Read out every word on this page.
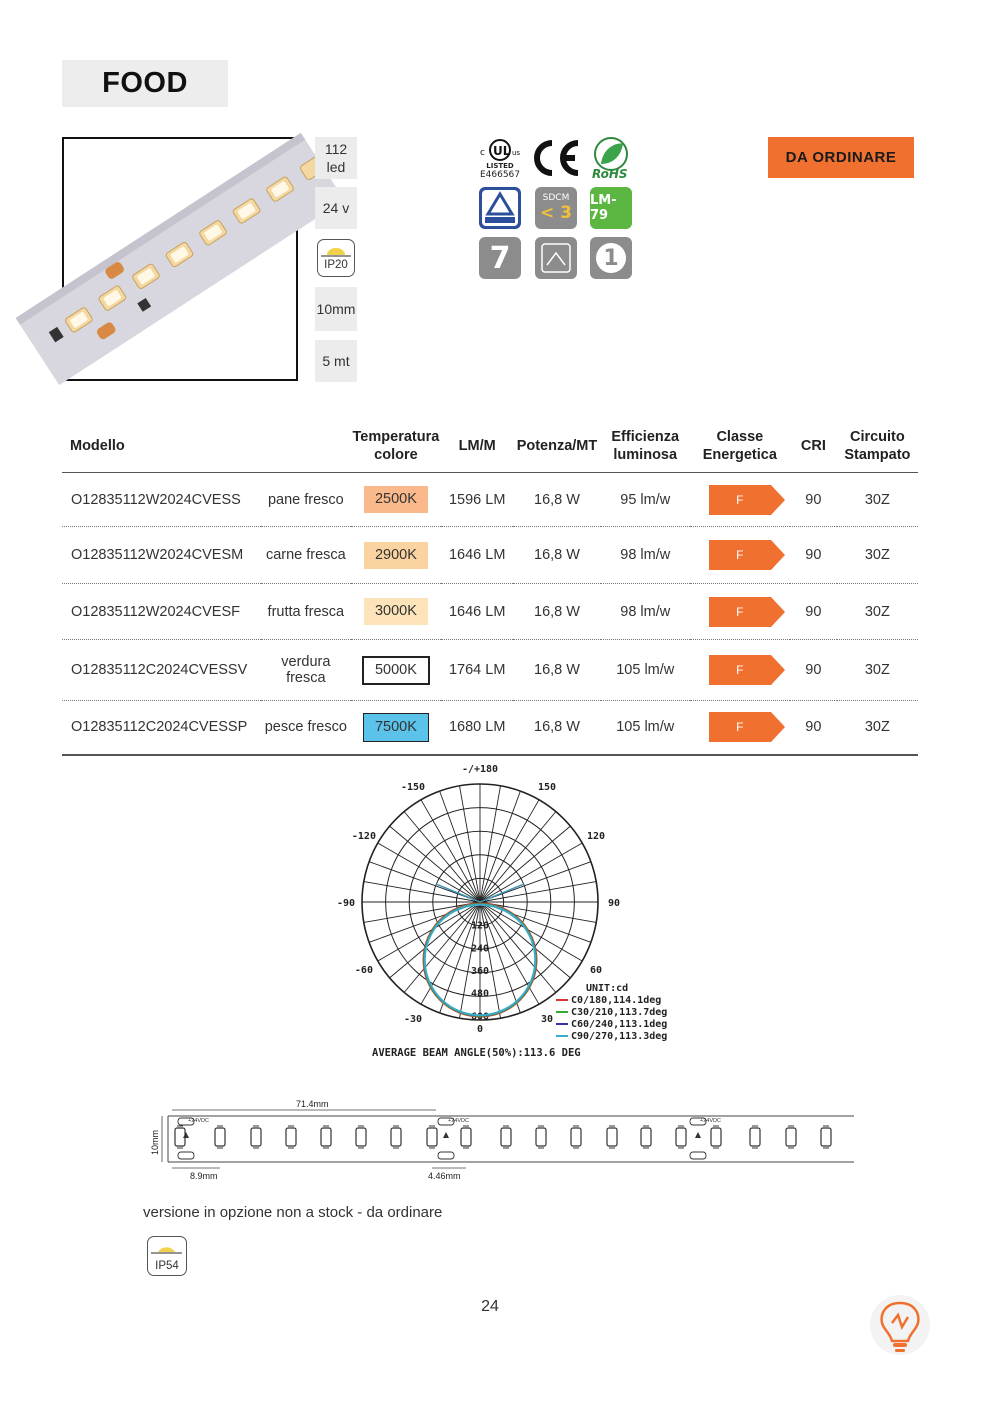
FOOD
112
led
24 v
IP20
10mm
5 mt
c UL us
LISTED
E466567	RoHS
SDCM
< 3
LM-79
7	1
DA ORDINARE
Modello		Temperatura
colore	LM/M	Potenza/MT	Efficienza
luminosa	Classe
Energetica	CRI	Circuito
Stampato
O12835112W2024CVESS	pane fresco	2500K	1596 LM	16,8 W	95 lm/w	F	90	30Z
O12835112W2024CVESM	carne fresca	2900K	1646 LM	16,8 W	98 lm/w	F	90	30Z
O12835112W2024CVESF	frutta fresca	3000K	1646 LM	16,8 W	98 lm/w	F	90	30Z
O12835112C2024CVESSV	verdura fresca	5000K	1764 LM	16,8 W	105 lm/w	F	90	30Z
O12835112C2024CVESSP	pesce fresco	7500K	1680 LM	16,8 W	105 lm/w	F	90	30Z
-/+180
150
-150
120
-120
90
-90
60
-60
30
-30
0
0
120
240
360
480
600
UNIT:cd
C0/180,114.1deg
C30/210,113.7deg
C60/240,113.1deg
C90/270,113.3deg
AVERAGE BEAM ANGLE(50%):113.6 DEG
10mm
71.4mm
+24VDC	+24VDC	+24VDC
8.9mm	4.46mm
versione in opzione non a stock - da ordinare
IP54
24
